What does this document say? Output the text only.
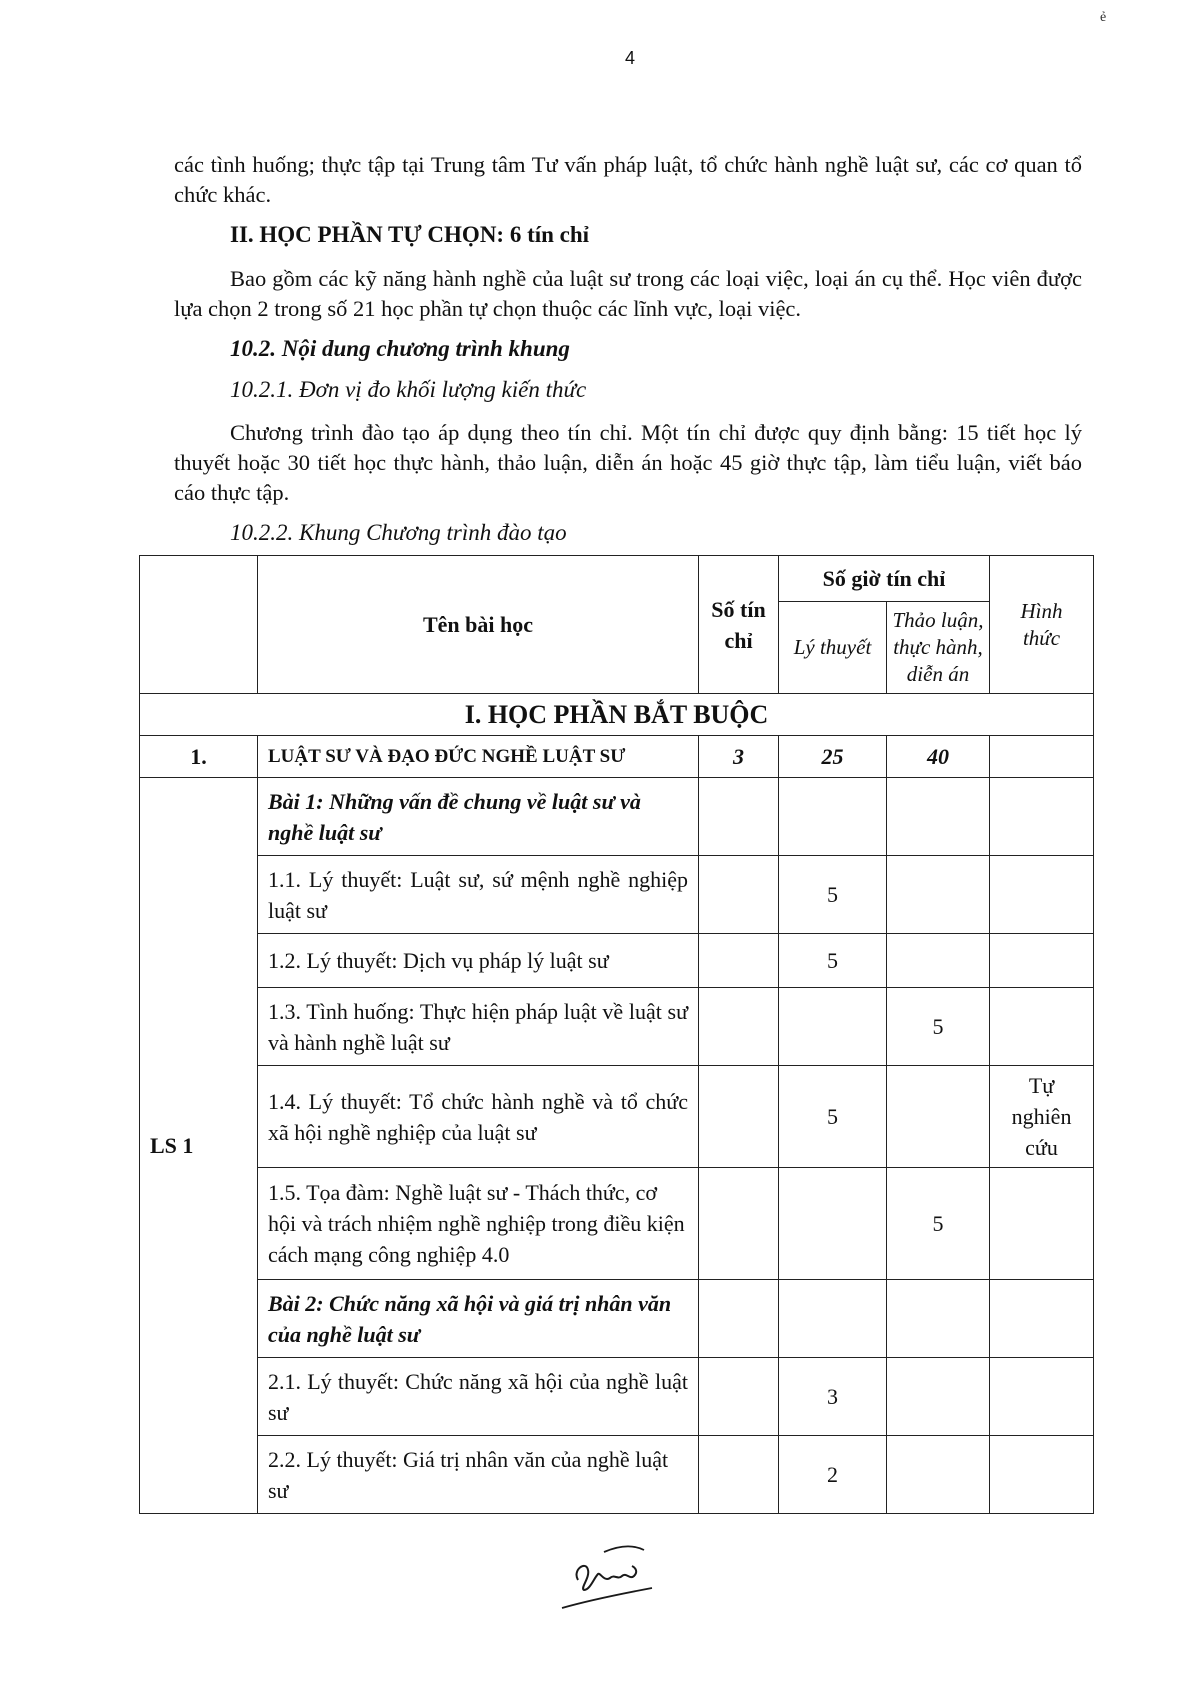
4
ẻ
các tình huống; thực tập tại Trung tâm Tư vấn pháp luật, tổ chức hành nghề luật sư, các cơ quan tổ chức khác.
II. HỌC PHẦN TỰ CHỌN: 6 tín chỉ
Bao gồm các kỹ năng hành nghề của luật sư trong các loại việc, loại án cụ thể. Học viên được lựa chọn 2 trong số 21 học phần tự chọn thuộc các lĩnh vực, loại việc.
10.2. Nội dung chương trình khung
10.2.1. Đơn vị đo khối lượng kiến thức
Chương trình đào tạo áp dụng theo tín chỉ. Một tín chỉ được quy định bằng: 15 tiết học lý thuyết hoặc 30 tiết học thực hành, thảo luận, diễn án hoặc 45 giờ thực tập, làm tiểu luận, viết báo cáo thực tập.
10.2.2. Khung Chương trình đào tạo
	Tên bài học	Số tín chỉ	Số giờ tín chỉ		Hình thức
			Lý thuyết	Thảo luận, thực hành, diễn án	
I. HỌC PHẦN BẮT BUỘC					
1.	LUẬT SƯ VÀ ĐẠO ĐỨC NGHỀ LUẬT SƯ	3	25	40	
LS 1	Bài 1: Những vấn đề chung về luật sư và nghề luật sư				
	1.1. Lý thuyết: Luật sư, sứ mệnh nghề nghiệp luật sư		5		
	1.2. Lý thuyết: Dịch vụ pháp lý luật sư		5		
	1.3. Tình huống: Thực hiện pháp luật về luật sư và hành nghề luật sư			5	
	1.4. Lý thuyết: Tổ chức hành nghề và tổ chức xã hội nghề nghiệp của luật sư		5		Tự nghiên cứu
	1.5. Tọa đàm: Nghề luật sư - Thách thức, cơ hội và trách nhiệm nghề nghiệp trong điều kiện cách mạng công nghiệp 4.0			5	
	Bài 2: Chức năng xã hội và giá trị nhân văn của nghề luật sư				
	2.1. Lý thuyết: Chức năng xã hội của nghề luật sư		3		
	2.2. Lý thuyết: Giá trị nhân văn của nghề luật sư		2		
